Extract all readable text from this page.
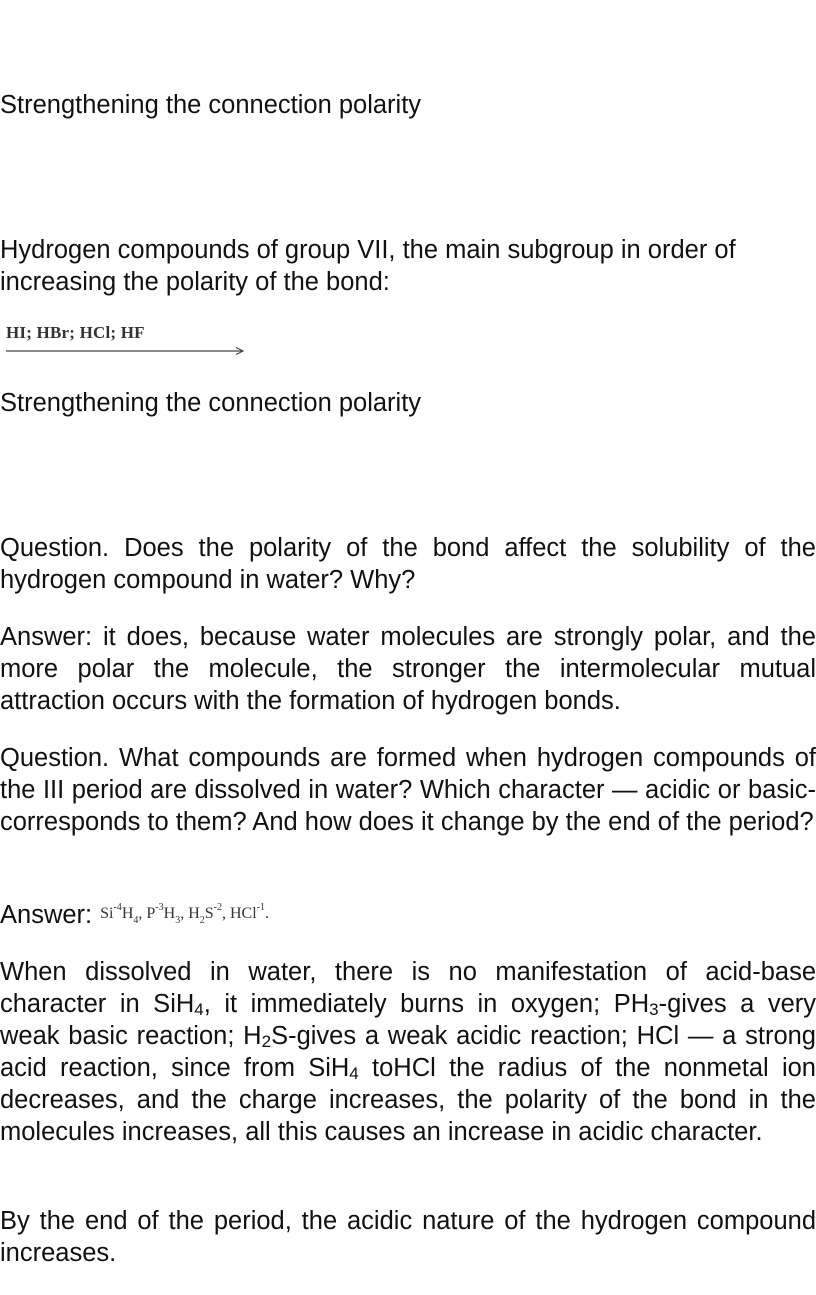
Strengthening the connection polarity

Hydrogen compounds of group VII, the main subgroup in order of increasing the polarity of the bond:

HI; HBr; HCl; HF

Strengthening the connection polarity

Question. Does the polarity of the bond affect the solubility of the hydrogen compound in water? Why?

Answer: it does, because water molecules are strongly polar, and the more polar the molecule, the stronger the intermolecular mutual attraction occurs with the formation of hydrogen bonds.

Question. What compounds are formed when hydrogen compounds of the III period are dissolved in water? Which character — acidic or basic-corresponds to them? And how does it change by the end of the period?

Answer: $Si^{-4}H_4$, $P^{-3}H_3$, $H_2S^{-2}$, HCl$^{-1}$.

When dissolved in water, there is no manifestation of acid-base character in SiH4, it immediately burns in oxygen; PH3-gives a very weak basic reaction; H2S-gives a weak acidic reaction; HCl — a strong acid reaction, since from SiH4 toHCl the radius of the nonmetal ion decreases, and the charge increases, the polarity of the bond in the molecules increases, all this causes an increase in acidic character.

By the end of the period, the acidic nature of the hydrogen compound increases.
